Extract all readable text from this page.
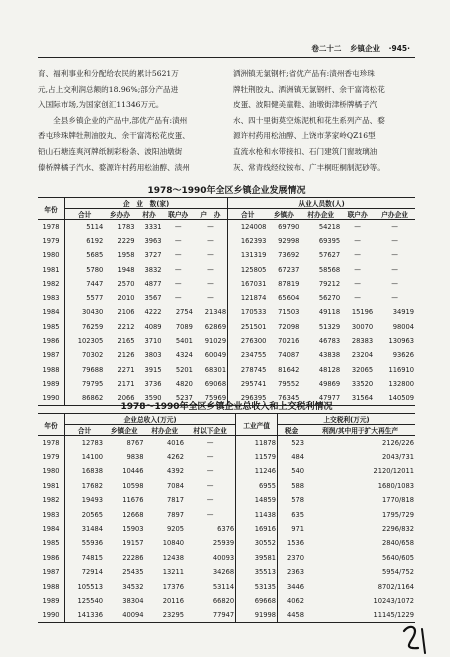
卷二十二 乡镇企业 ·945·

育、福利事业和分配给农民的累计5621万

元,占上交利润总额的18.96%;部分产品进

入国际市场,为国家创汇11346万元。

　　全县乡镇企业的产品中,部优产品有:渍州

香屯珍珠牌牡荆油胶丸、余干富湾松花皮蛋、

铅山石塘连爽河牌纸制彩粉条、波阳油墩街

傣桥牌橘子汽水、婺源许村药用松油醇、渍州

洒洲镇无氯钢杆;省优产品有:渍州香屯珍珠

牌牡荆胶丸、洒洲镇无氯钢杆、余干富湾松花

皮蛋、波阳健美童鞋、油墩街津桥牌橘子汽

水、四十里街莫空炼泥机和花生系列产品、婺

源许村药用松油醇、上饶市茅家岭QZ16型

直流水枪和水带接扣、石门建筑门窗玻璃油

灰、常青线经纹铵布、广丰桐旺桐制泥砂等。

1978～1990年全区乡镇企业发展情况
年份	企　业　数(家)					从业人员数(人)				
	合计	乡办办	村办	联户办	户　办	合计	乡镇办	村办企业	联户办	户办企业
1978	5114	1783	3331	—	—	124008	69790	54218	—	—
1979	6192	2229	3963	—	—	162393	92998	69395	—	—
1980	5685	1958	3727	—	—	131319	73692	57627	—	—
1981	5780	1948	3832	—	—	125805	67237	58568	—	—
1982	7447	2570	4877	—	—	167031	87819	79212	—	—
1983	5577	2010	3567	—	—	121874	65604	56270	—	—
1984	30430	2106	4222	2754	21348	170533	71503	49118	15196	34919
1985	76259	2212	4089	7089	62869	251501	72098	51329	30070	98004
1986	102305	2165	3710	5401	91029	276300	70216	46783	28383	130963
1987	70302	2126	3803	4324	60049	234755	74087	43838	23204	93626
1988	79688	2271	3915	5201	68301	278745	81642	48128	32065	116910
1989	79795	2171	3736	4820	69068	295741	79552	49869	33520	132800
1990	86862	2066	3590	5237	75969	296395	76345	47977	31564	140509
1978～1990年全区乡镇企业总收入和上交税利情况
年份	企业总收入(万元)				工业产值	上交税利(万元)	
	合计	乡镇企业	村办企业	村以下企业		税金	利润/其中用于扩大再生产
1978	12783	8767	4016	—	11878	523	2126/226
1979	14100	9838	4262	—	11579	484	2043/731
1980	16838	10446	4392	—	11246	540	2120/12011
1981	17682	10598	7084	—	6955	588	1680/1083
1982	19493	11676	7817	—	14859	578	1770/818
1983	20565	12668	7897	—	11438	635	1795/729
1984	31484	15903	9205	6376	16916	971	2296/832
1985	55936	19157	10840	25939	30552	1536	2840/658
1986	74815	22286	12438	40093	39581	2370	5640/605
1987	72914	25435	13211	34268	35513	2363	5954/752
1988	105513	34532	17376	53114	53135	3446	8702/1164
1989	125540	38304	20116	66820	69668	4062	10243/1072
1990	141336	40094	23295	77947	91998	4458	11145/1229
